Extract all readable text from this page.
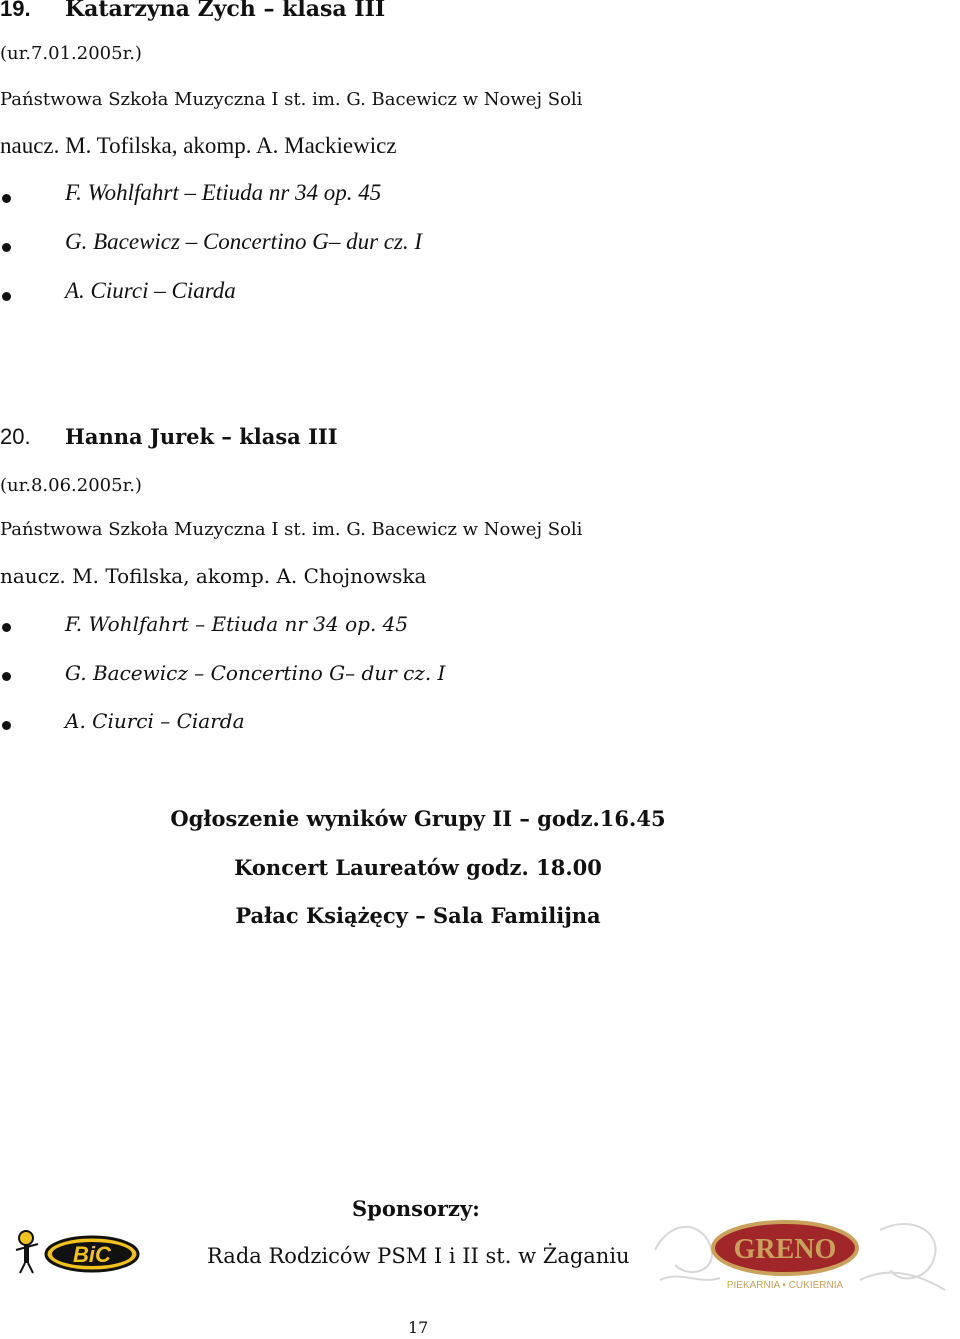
19. Katarzyna Zych – klasa III
(ur.7.01.2005r.)
Państwowa Szkoła Muzyczna I st. im. G. Bacewicz w Nowej Soli
naucz. M. Tofilska, akomp. A. Mackiewicz
F. Wohlfahrt – Etiuda nr 34 op. 45
G. Bacewicz – Concertino G– dur cz. I
A. Ciurci – Ciarda
20. Hanna Jurek – klasa III
(ur.8.06.2005r.)
Państwowa Szkoła Muzyczna I st. im. G. Bacewicz w Nowej Soli
naucz. M. Tofilska, akomp. A. Chojnowska
F. Wohlfahrt – Etiuda nr 34 op. 45
G. Bacewicz – Concertino G– dur cz. I
A. Ciurci – Ciarda
Ogłoszenie wyników Grupy II – godz.16.45
Koncert Laureatów godz. 18.00
Pałac Książęcy – Sala Familijna
Sponsorzy:
Rada Rodziców PSM I i II st. w Żaganiu
BiC	GRENO
PIEKARNIA • CUKIERNIA
17
